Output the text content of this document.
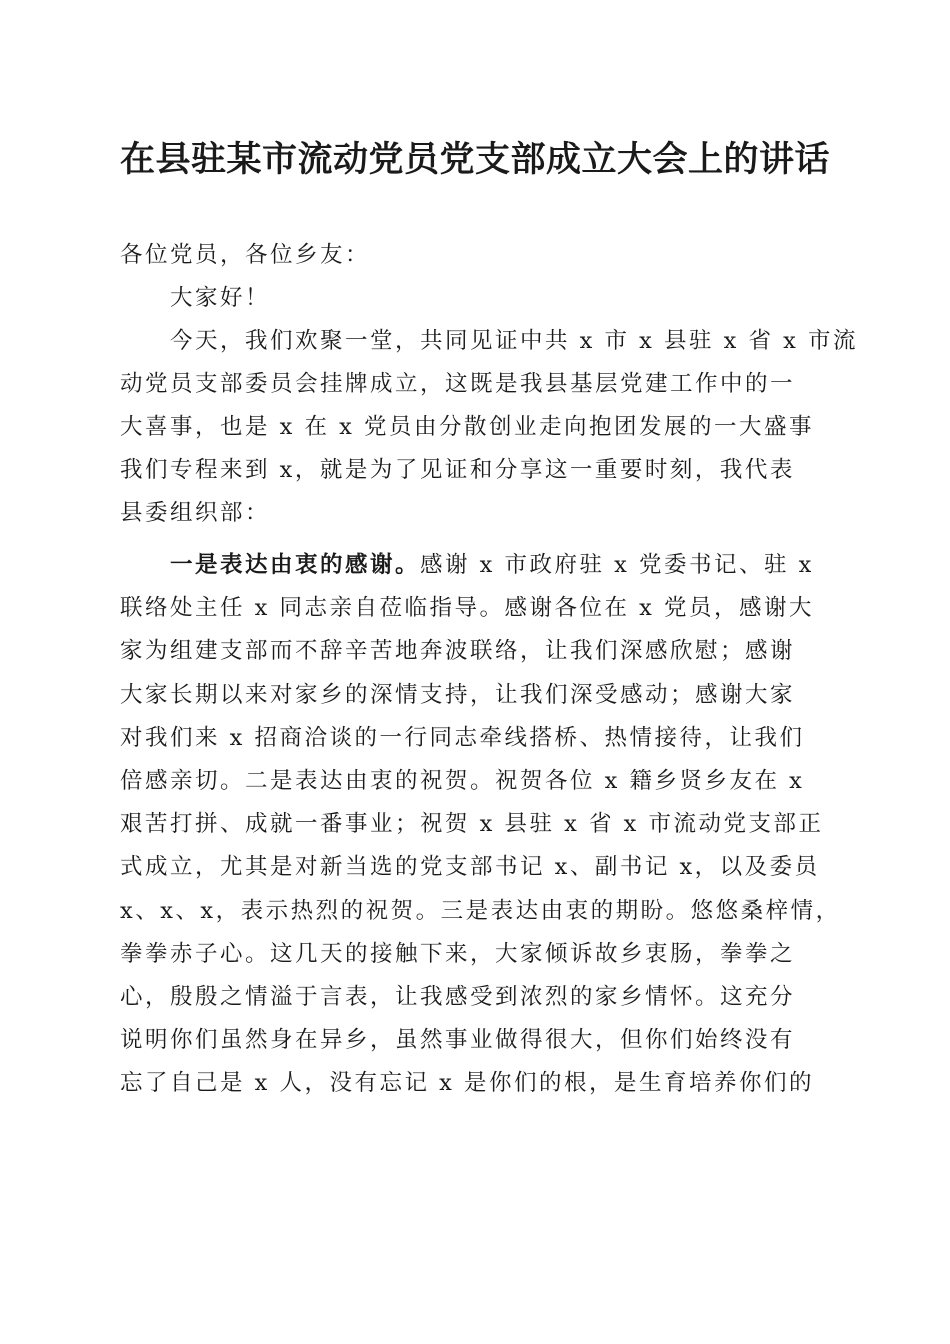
在县驻某市流动党员党支部成立大会上的讲话
各位党员，各位乡友：
大家好！
今天，我们欢聚一堂，共同见证中共 x 市 x 县驻 x 省 x 市流
动党员支部委员会挂牌成立，这既是我县基层党建工作中的一
大喜事，也是 x 在 x 党员由分散创业走向抱团发展的一大盛事
我们专程来到 x，就是为了见证和分享这一重要时刻，我代表
县委组织部：
一是表达由衷的感谢。感谢 x 市政府驻 x 党委书记、驻 x
联络处主任 x 同志亲自莅临指导。感谢各位在 x 党员，感谢大
家为组建支部而不辞辛苦地奔波联络，让我们深感欣慰；感谢
大家长期以来对家乡的深情支持，让我们深受感动；感谢大家
对我们来 x 招商洽谈的一行同志牵线搭桥、热情接待，让我们
倍感亲切。二是表达由衷的祝贺。祝贺各位 x 籍乡贤乡友在 x
艰苦打拼、成就一番事业；祝贺 x 县驻 x 省 x 市流动党支部正
式成立，尤其是对新当选的党支部书记 x、副书记 x，以及委员
x、x、x，表示热烈的祝贺。三是表达由衷的期盼。悠悠桑梓情，
拳拳赤子心。这几天的接触下来，大家倾诉故乡衷肠，拳拳之
心，殷殷之情溢于言表，让我感受到浓烈的家乡情怀。这充分
说明你们虽然身在异乡，虽然事业做得很大，但你们始终没有
忘了自己是 x 人，没有忘记 x 是你们的根，是生育培养你们的
